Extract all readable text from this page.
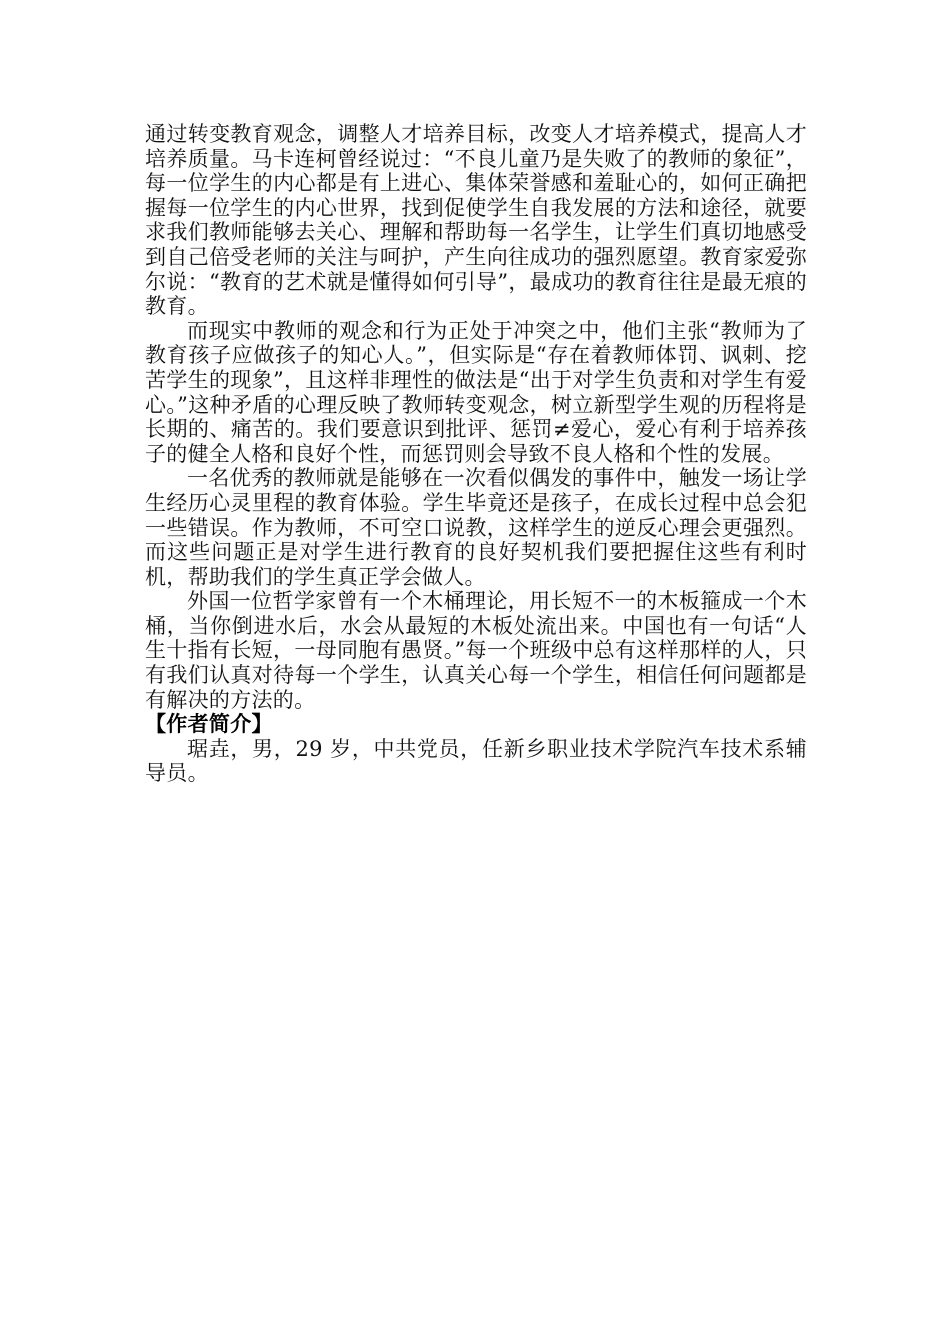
通过转变教育观念，调整人才培养目标，改变人才培养模式，提高人才培养质量。马卡连柯曾经说过：“不良儿童乃是失败了的教师的象征”，每一位学生的内心都是有上进心、集体荣誉感和羞耻心的，如何正确把握每一位学生的内心世界，找到促使学生自我发展的方法和途径，就要求我们教师能够去关心、理解和帮助每一名学生，让学生们真切地感受到自己倍受老师的关注与呵护，产生向往成功的强烈愿望。教育家爱弥尔说：“教育的艺术就是懂得如何引导”，最成功的教育往往是最无痕的教育。

而现实中教师的观念和行为正处于冲突之中，他们主张“教师为了教育孩子应做孩子的知心人。”，但实际是“存在着教师体罚、讽刺、挖苦学生的现象”，且这样非理性的做法是“出于对学生负责和对学生有爱心。”这种矛盾的心理反映了教师转变观念，树立新型学生观的历程将是长期的、痛苦的。我们要意识到批评、惩罚≠爱心，爱心有利于培养孩子的健全人格和良好个性，而惩罚则会导致不良人格和个性的发展。

一名优秀的教师就是能够在一次看似偶发的事件中，触发一场让学生经历心灵里程的教育体验。学生毕竟还是孩子，在成长过程中总会犯一些错误。作为教师，不可空口说教，这样学生的逆反心理会更强烈。而这些问题正是对学生进行教育的良好契机我们要把握住这些有利时机，帮助我们的学生真正学会做人。

外国一位哲学家曾有一个木桶理论，用长短不一的木板箍成一个木桶，当你倒进水后，水会从最短的木板处流出来。中国也有一句话“人生十指有长短，一母同胞有愚贤。”每一个班级中总有这样那样的人，只有我们认真对待每一个学生，认真关心每一个学生，相信任何问题都是有解决的方法的。

【作者简介】

琚垚，男，29 岁，中共党员，任新乡职业技术学院汽车技术系辅导员。
